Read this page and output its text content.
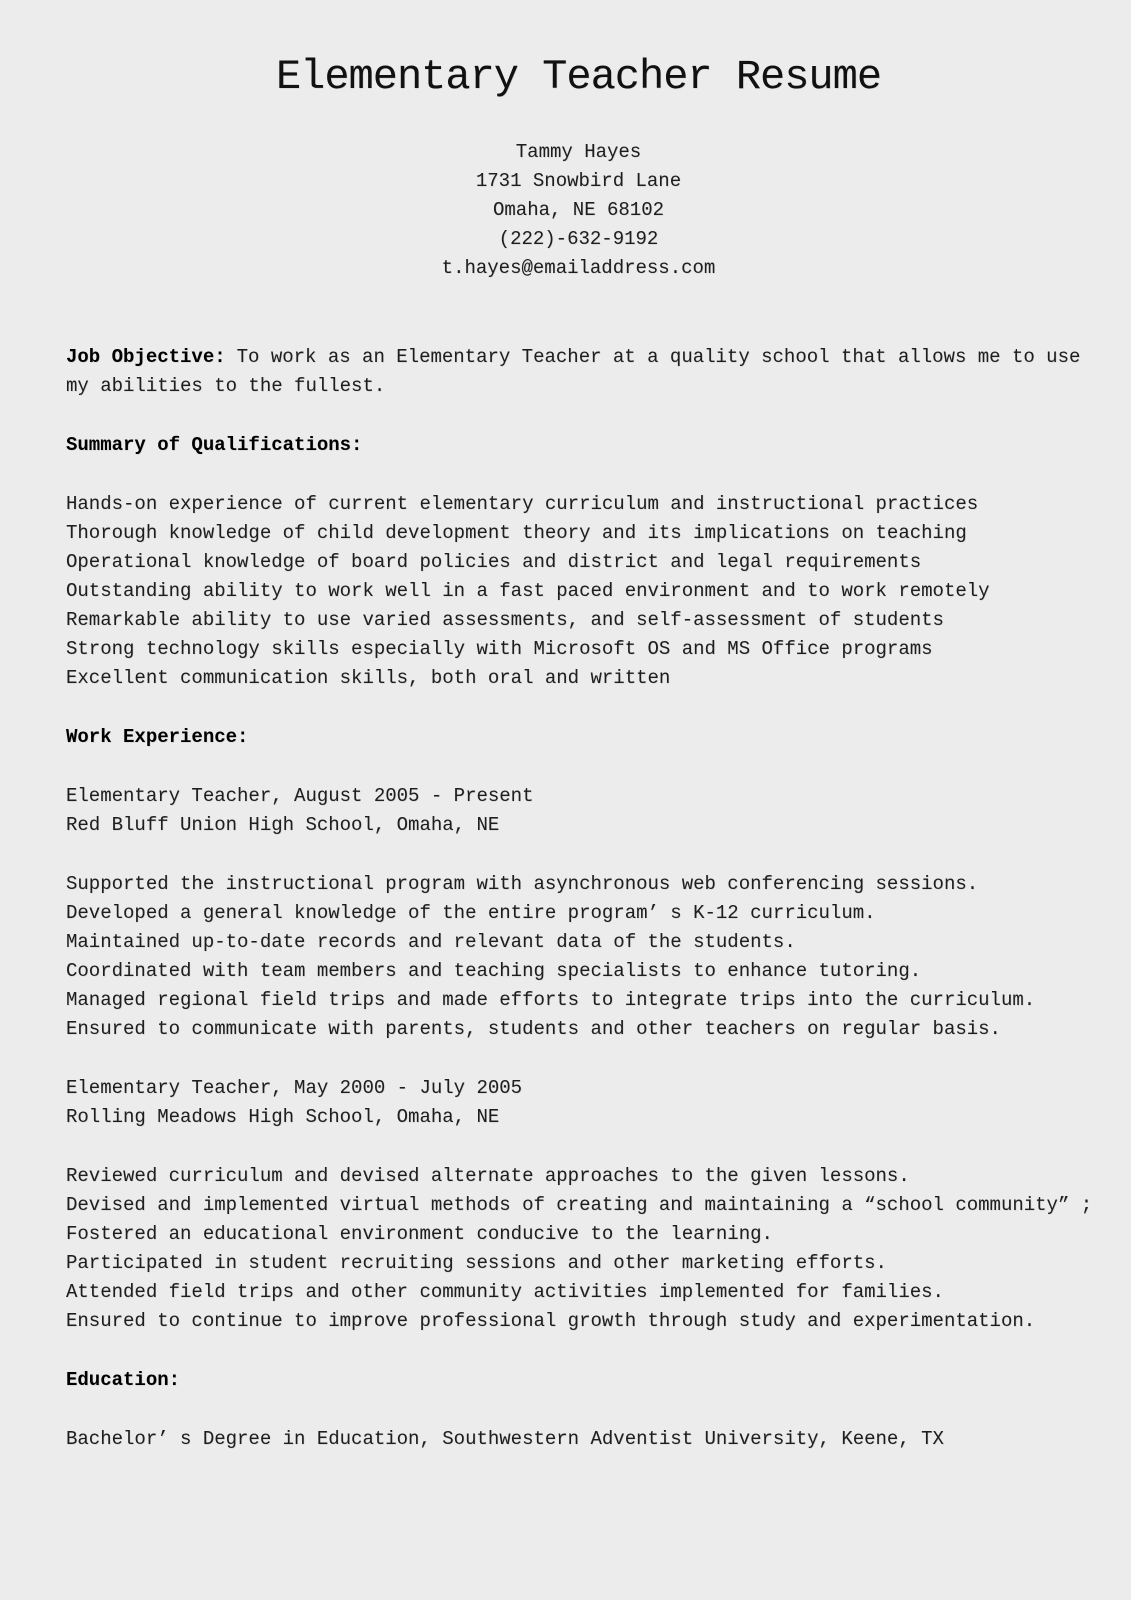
Elementary Teacher Resume
Tammy Hayes
1731 Snowbird Lane
Omaha, NE 68102
(222)-632-9192
t.hayes@emailaddress.com

Job Objective: To work as an Elementary Teacher at a quality school that allows me to use my abilities to the fullest.

Summary of Qualifications:
Hands-on experience of current elementary curriculum and instructional practices
Thorough knowledge of child development theory and its implications on teaching
Operational knowledge of board policies and district and legal requirements
Outstanding ability to work well in a fast paced environment and to work remotely
Remarkable ability to use varied assessments, and self-assessment of students
Strong technology skills especially with Microsoft OS and MS Office programs
Excellent communication skills, both oral and written
Work Experience:
Elementary Teacher, August 2005 - Present
Red Bluff Union High School, Omaha, NE
Supported the instructional program with asynchronous web conferencing sessions.
Developed a general knowledge of the entire program’ s K-12 curriculum.
Maintained up-to-date records and relevant data of the students.
Coordinated with team members and teaching specialists to enhance tutoring.
Managed regional field trips and made efforts to integrate trips into the curriculum.
Ensured to communicate with parents, students and other teachers on regular basis.
Elementary Teacher, May 2000 - July 2005
Rolling Meadows High School, Omaha, NE
Reviewed curriculum and devised alternate approaches to the given lessons.
Devised and implemented virtual methods of creating and maintaining a “school community” ;
Fostered an educational environment conducive to the learning.
Participated in student recruiting sessions and other marketing efforts.
Attended field trips and other community activities implemented for families.
Ensured to continue to improve professional growth through study and experimentation.
Education:
Bachelor’ s Degree in Education, Southwestern Adventist University, Keene, TX
